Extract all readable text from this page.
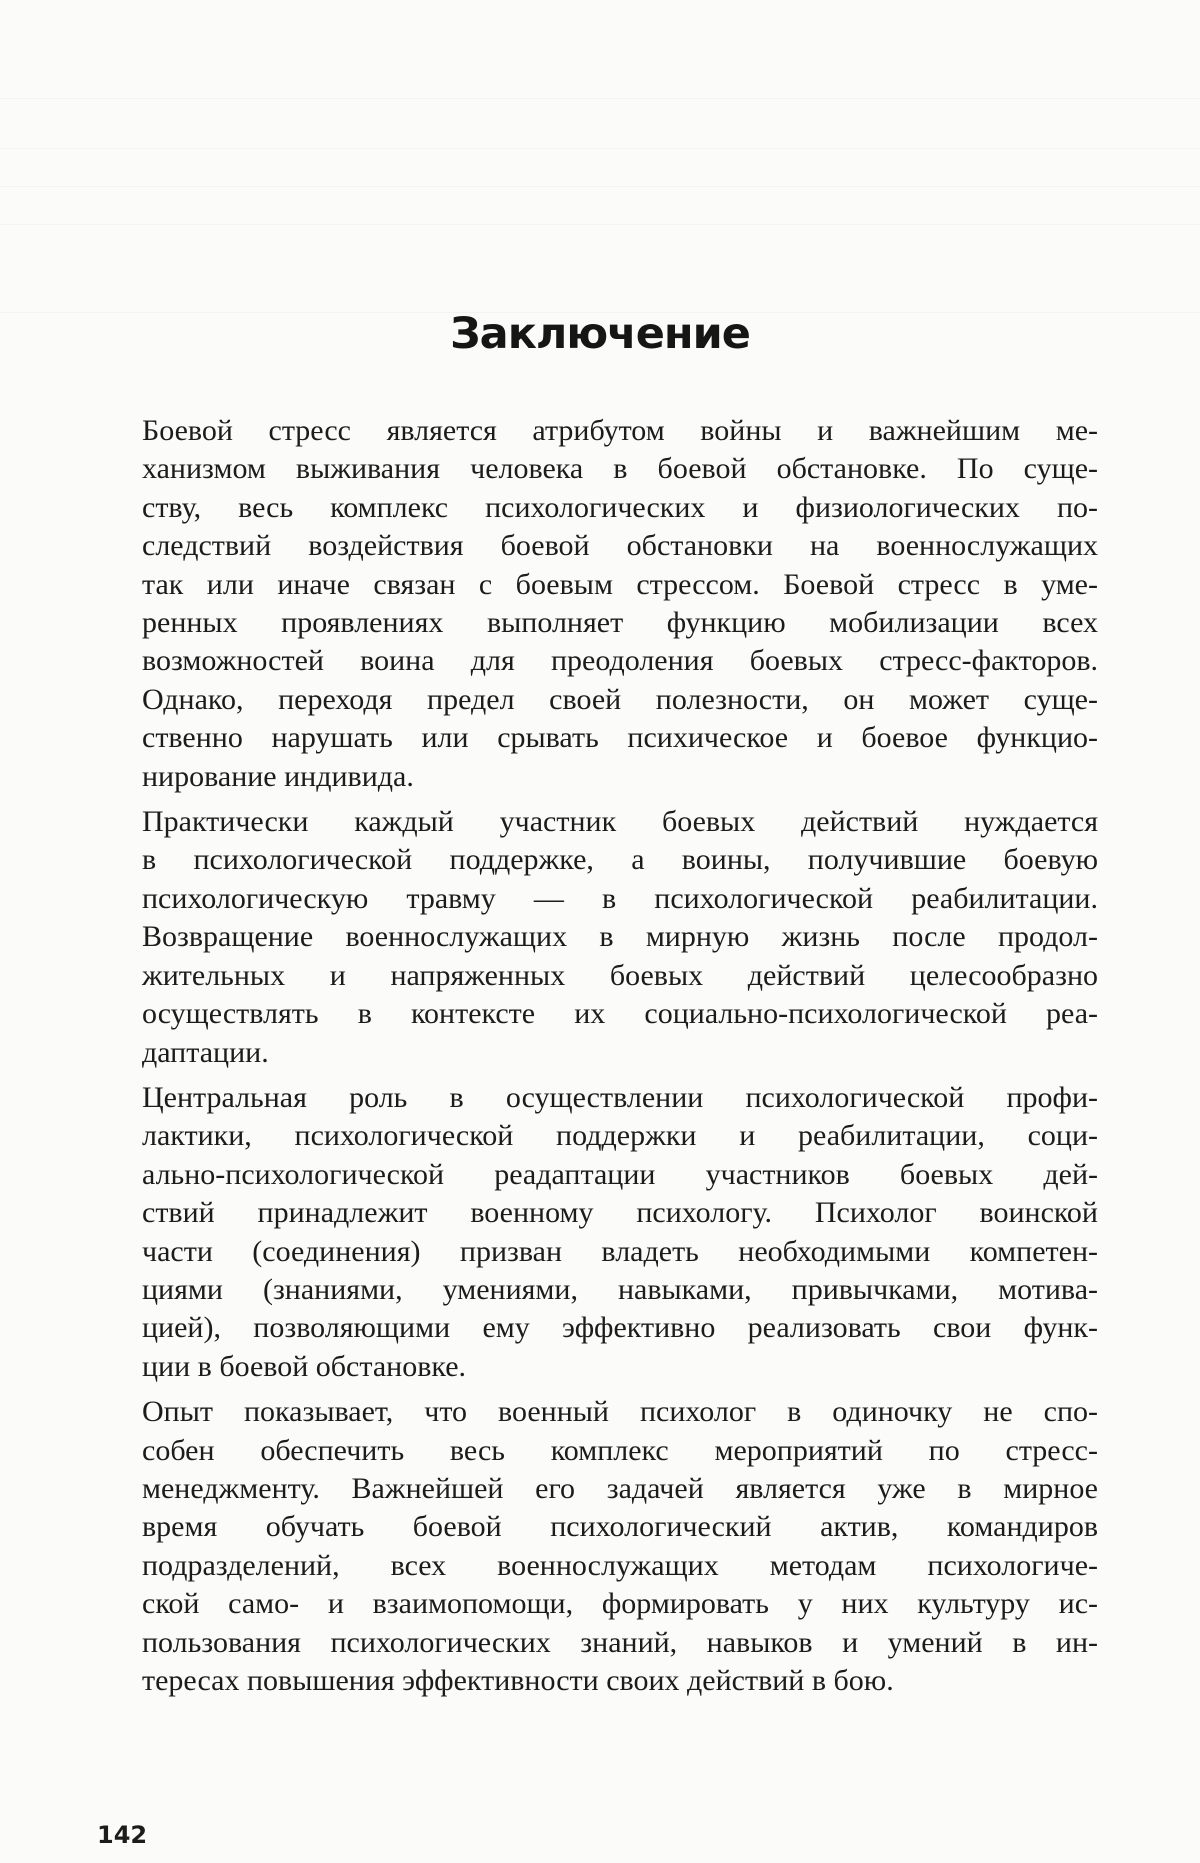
Заключение

Боевой стресс является атрибутом войны и важнейшим ме-
ханизмом выживания человека в боевой обстановке. По суще-
ству, весь комплекс психологических и физиологических по-
следствий воздействия боевой обстановки на военнослужащих
так или иначе связан с боевым стрессом. Боевой стресс в уме-
ренных проявлениях выполняет функцию мобилизации всех
возможностей воина для преодоления боевых стресс-факторов.
Однако, переходя предел своей полезности, он может суще-
ственно нарушать или срывать психическое и боевое функцио-
нирование индивида.

Практически каждый участник боевых действий нуждается
в психологической поддержке, а воины, получившие боевую
психологическую травму — в психологической реабилитации.
Возвращение военнослужащих в мирную жизнь после продол-
жительных и напряженных боевых действий целесообразно
осуществлять в контексте их социально-психологической реа-
даптации.

Центральная роль в осуществлении психологической профи-
лактики, психологической поддержки и реабилитации, соци-
ально-психологической реадаптации участников боевых дей-
ствий принадлежит военному психологу. Психолог воинской
части (соединения) призван владеть необходимыми компетен-
циями (знаниями, умениями, навыками, привычками, мотива-
цией), позволяющими ему эффективно реализовать свои функ-
ции в боевой обстановке.

Опыт показывает, что военный психолог в одиночку не спо-
собен обеспечить весь комплекс мероприятий по стресс-
менеджменту. Важнейшей его задачей является уже в мирное
время обучать боевой психологический актив, командиров
подразделений, всех военнослужащих методам психологиче-
ской само- и взаимопомощи, формировать у них культуру ис-
пользования психологических знаний, навыков и умений в ин-
тересах повышения эффективности своих действий в бою.

142
